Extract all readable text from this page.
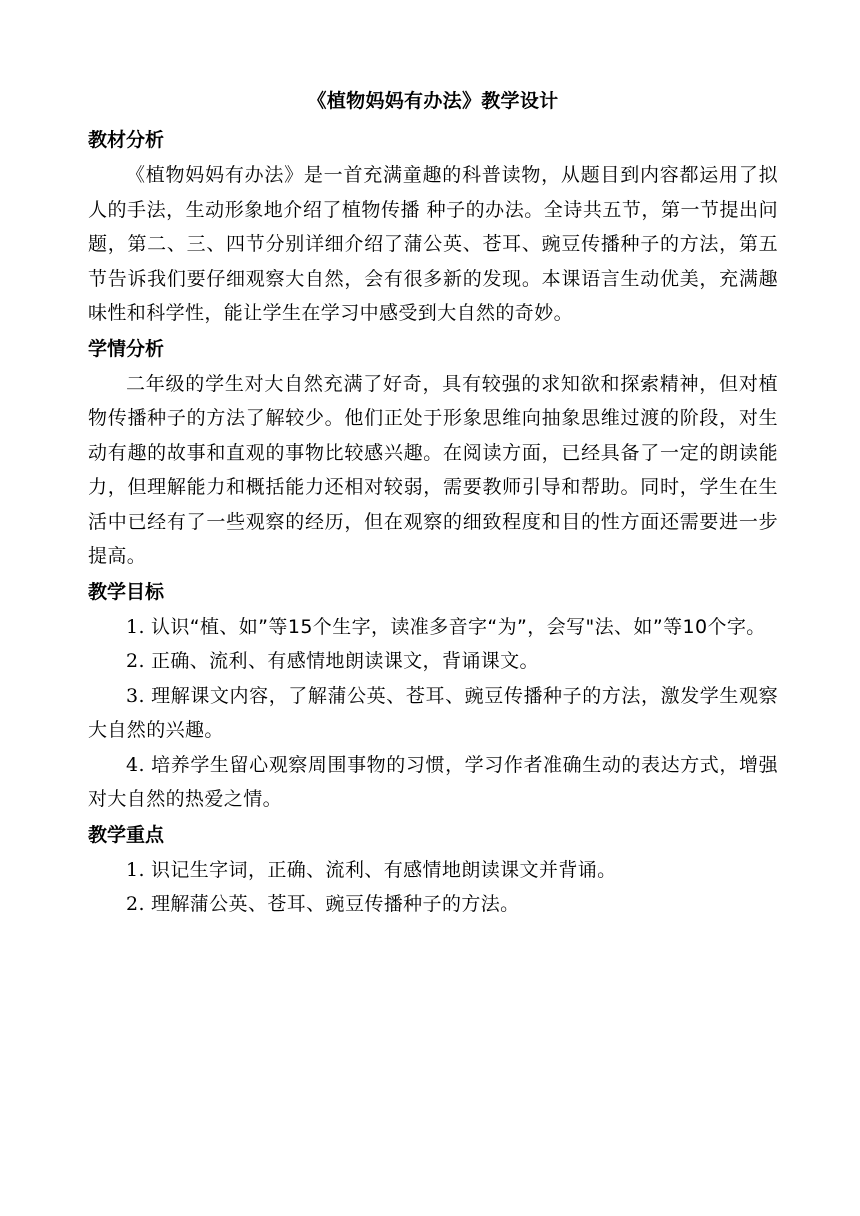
《植物妈妈有办法》教学设计
教材分析

《植物妈妈有办法》是一首充满童趣的科普读物，从题目到内容都运用了拟人的手法，生动形象地介绍了植物传播 种子的办法。全诗共五节，第一节提出问题，第二、三、四节分别详细介绍了蒲公英、苍耳、豌豆传播种子的方法，第五节告诉我们要仔细观察大自然，会有很多新的发现。本课语言生动优美，充满趣味性和科学性，能让学生在学习中感受到大自然的奇妙。

学情分析

二年级的学生对大自然充满了好奇，具有较强的求知欲和探索精神，但对植物传播种子的方法了解较少。他们正处于形象思维向抽象思维过渡的阶段，对生动有趣的故事和直观的事物比较感兴趣。在阅读方面，已经具备了一定的朗读能力，但理解能力和概括能力还相对较弱，需要教师引导和帮助。同时，学生在生活中已经有了一些观察的经历，但在观察的细致程度和目的性方面还需要进一步提高。

教学目标

1. 认识“植、如”等15个生字，读准多音字“为”，会写"法、如”等10个字。

2. 正确、流利、有感情地朗读课文，背诵课文。

3. 理解课文内容，了解蒲公英、苍耳、豌豆传播种子的方法，激发学生观察大自然的兴趣。

4. 培养学生留心观察周围事物的习惯，学习作者准确生动的表达方式，增强对大自然的热爱之情。

教学重点

1. 识记生字词，正确、流利、有感情地朗读课文并背诵。

2. 理解蒲公英、苍耳、豌豆传播种子的方法。
